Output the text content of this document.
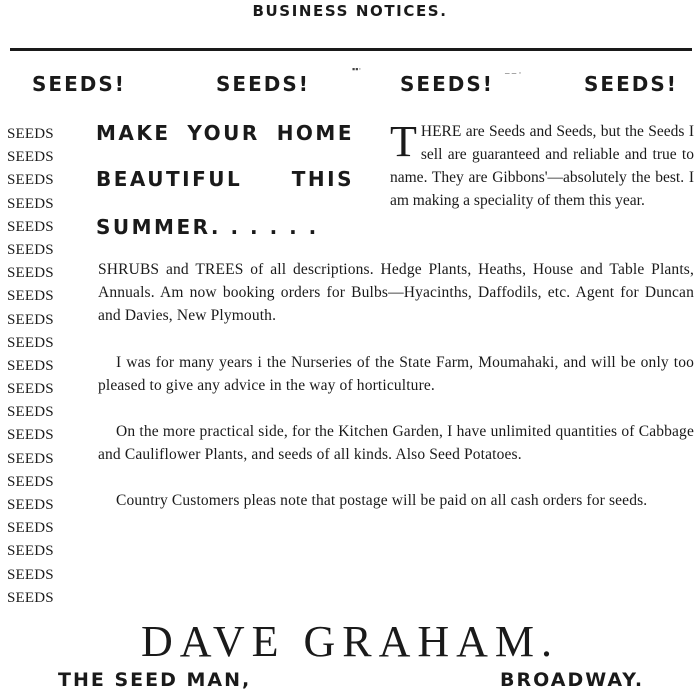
BUSINESS NOTICES.
▪▪·	‒ ‒ ·
SEEDS!	SEEDS!	SEEDS!	SEEDS!
SEEDS
SEEDS
SEEDS
SEEDS
SEEDS
SEEDS
SEEDS
SEEDS
SEEDS
SEEDS
SEEDS
SEEDS
SEEDS
SEEDS
SEEDS
SEEDS
SEEDS
SEEDS
SEEDS
SEEDS
SEEDS
MAKE YOUR HOME
BEAUTIFUL THIS
SUMMER. . . . . .
T HERE are Seeds and Seeds, but the Seeds I sell are guaranteed and reliable and true to name. They are Gibbons'—absolutely the best. I am making a speciality of them this year.

SHRUBS and TREES of all descriptions. Hedge Plants, Heaths, House and Table Plants, Annuals. Am now booking orders for Bulbs—Hyacinths, Daffodils, etc. Agent for Duncan and Davies, New Plymouth.

I was for many years i the Nurseries of the State Farm, Moumahaki, and will be only too pleased to give any advice in the way of horticulture.

On the more practical side, for the Kitchen Garden, I have unlimited quantities of Cabbage and Cauliflower Plants, and seeds of all kinds. Also Seed Potatoes.

Country Customers pleas note that postage will be paid on all cash orders for seeds.

DAVE GRAHAM.
THE SEED MAN,	BROADWAY.
